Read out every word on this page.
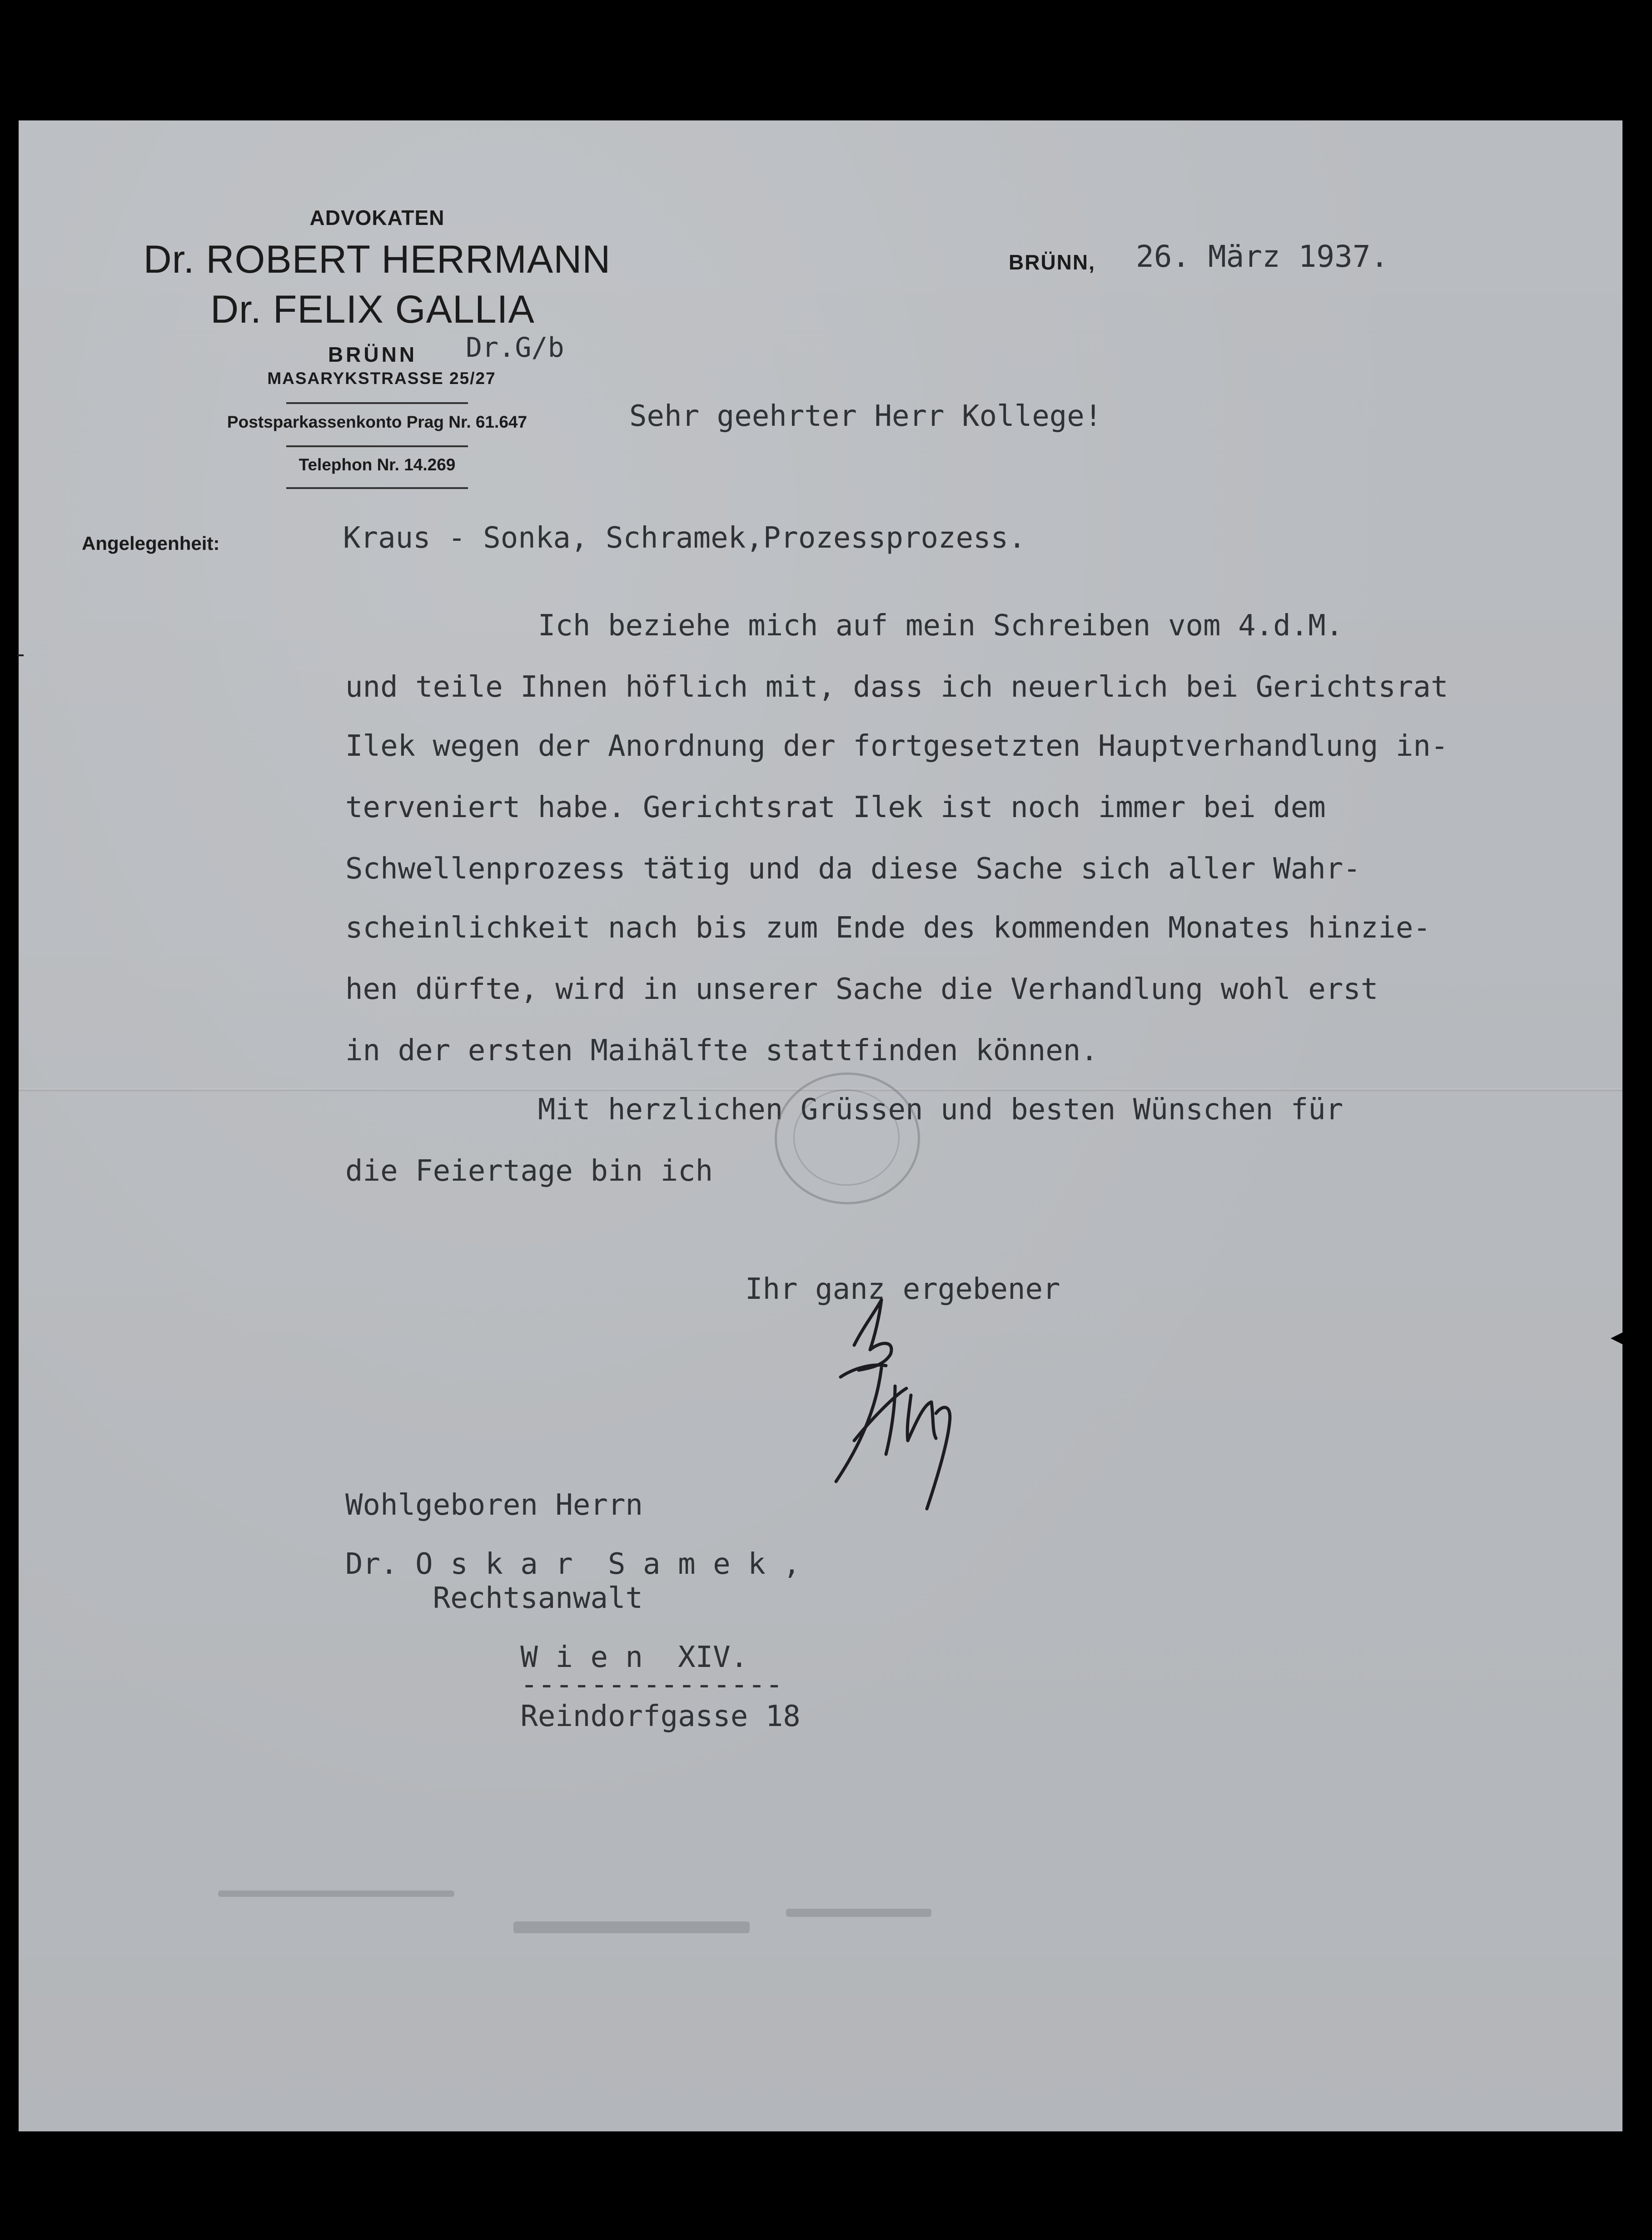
ADVOKATEN
Dr. ROBERT HERRMANN
Dr. FELIX GALLIA
BRÜNN
MASARYKSTRASSE 25/27
Postsparkassenkonto Prag Nr. 61.647
Telephon Nr. 14.269
Angelegenheit:
BRÜNN,	26. März 1937.
Dr.G/b
Sehr geehrter Herr Kollege!
Kraus - Sonka, Schramek,Prozessprozess.
Ich beziehe mich auf mein Schreiben vom 4.d.M.
und teile Ihnen höflich mit, dass ich neuerlich bei Gerichtsrat
Ilek wegen der Anordnung der fortgesetzten Hauptverhandlung in-
terveniert habe. Gerichtsrat Ilek ist noch immer bei dem
Schwellenprozess tätig und da diese Sache sich aller Wahr-
scheinlichkeit nach bis zum Ende des kommenden Monates hinzie-
hen dürfte, wird in unserer Sache die Verhandlung wohl erst
in der ersten Maihälfte stattfinden können.
Mit herzlichen Grüssen und besten Wünschen für
die Feiertage bin ich
Ihr ganz ergebener
Wohlgeboren Herrn
Dr. O s k a r  S a m e k ,
Rechtsanwalt
W i e n  XIV.
---------------
Reindorfgasse 18
